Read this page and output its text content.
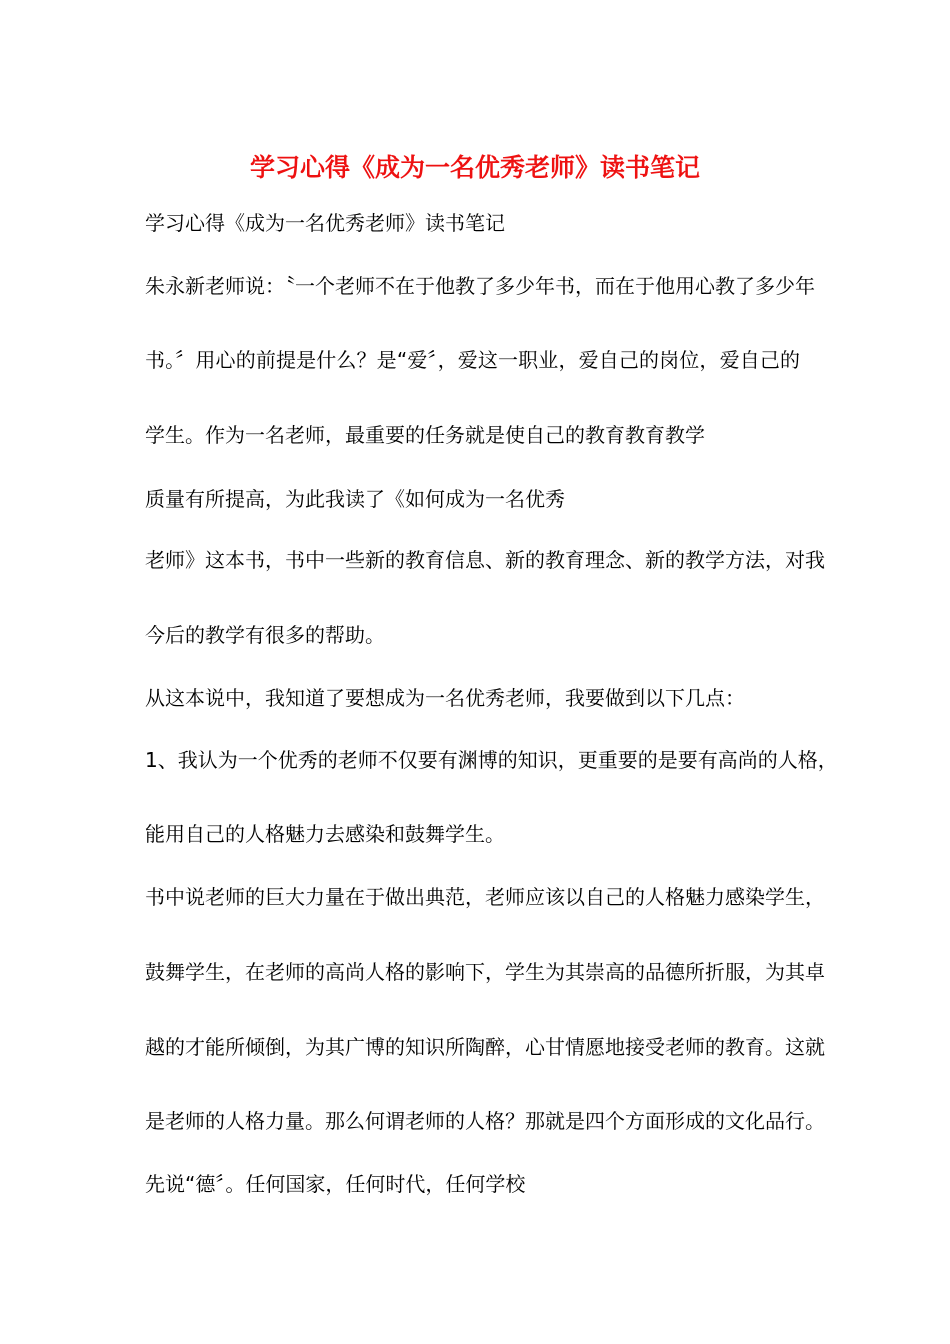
学习心得《成为一名优秀老师》读书笔记
学习心得《成为一名优秀老师》读书笔记
朱永新老师说：〝一个老师不在于他教了多少年书，而在于他用心教了多少年
书。〞用心的前提是什么？是“爱〞，爱这一职业，爱自己的岗位，爱自己的
学生。作为一名老师，最重要的任务就是使自己的教育教育教学
质量有所提高，为此我读了《如何成为一名优秀
老师》这本书，书中一些新的教育信息、新的教育理念、新的教学方法，对我
今后的教学有很多的帮助。
从这本说中，我知道了要想成为一名优秀老师，我要做到以下几点：
1、我认为一个优秀的老师不仅要有渊博的知识，更重要的是要有高尚的人格，
能用自己的人格魅力去感染和鼓舞学生。
书中说老师的巨大力量在于做出典范，老师应该以自己的人格魅力感染学生，
鼓舞学生，在老师的高尚人格的影响下，学生为其崇高的品德所折服，为其卓
越的才能所倾倒，为其广博的知识所陶醉，心甘情愿地接受老师的教育。这就
是老师的人格力量。那么何谓老师的人格？那就是四个方面形成的文化品行。
先说“德〞。任何国家，任何时代，任何学校
